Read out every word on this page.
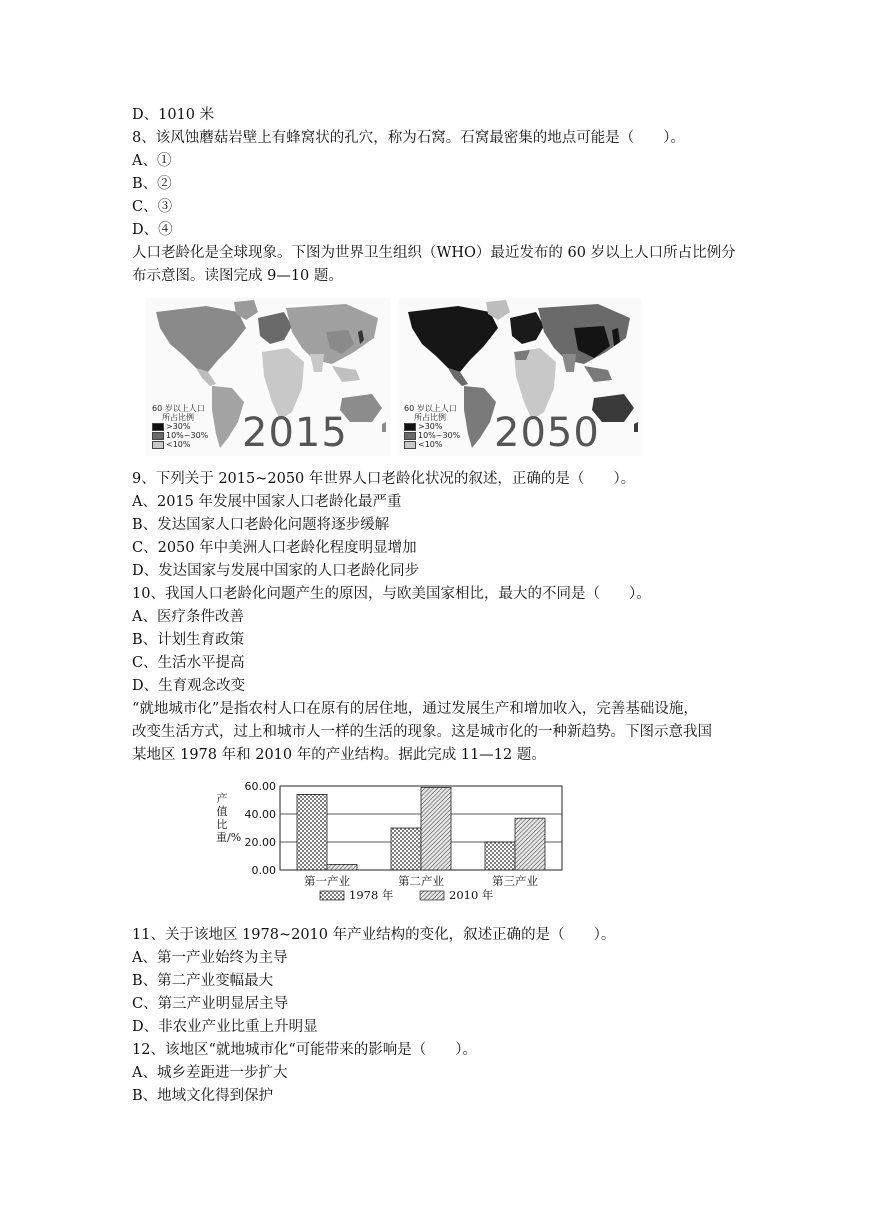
D、1010 米
8、该风蚀蘑菇岩壁上有蜂窝状的孔穴，称为石窝。石窝最密集的地点可能是（　　）。
A、①
B、②
C、③
D、④
人口老龄化是全球现象。下图为世界卫生组织（WHO）最近发布的 60 岁以上人口所占比例分
布示意图。读图完成 9—10 题。
60 岁以上人口
所占比例
>30%
10%~30%
<10% 2015
60 岁以上人口
所占比例
>30%
10%~30%
<10% 2050
9、下列关于 2015~2050 年世界人口老龄化状况的叙述，正确的是（　　）。
A、2015 年发展中国家人口老龄化最严重
B、发达国家人口老龄化问题将逐步缓解
C、2050 年中美洲人口老龄化程度明显增加
D、发达国家与发展中国家的人口老龄化同步
10、我国人口老龄化问题产生的原因，与欧美国家相比，最大的不同是（　　）。
A、医疗条件改善
B、计划生育政策
C、生活水平提高
D、生育观念改变
“就地城市化”是指农村人口在原有的居住地，通过发展生产和增加收入，完善基础设施，
改变生活方式，过上和城市人一样的生活的现象。这是城市化的一种新趋势。下图示意我国
某地区 1978 年和 2010 年的产业结构。据此完成 11—12 题。
产值比重/%
0.00
20.00
40.00
60.00
第一产业	第二产业	第三产业
1978 年	2010 年
11、关于该地区 1978~2010 年产业结构的变化，叙述正确的是（　　）。
A、第一产业始终为主导
B、第二产业变幅最大
C、第三产业明显居主导
D、非农业产业比重上升明显
12、该地区“就地城市化“可能带来的影响是（　　）。
A、城乡差距进一步扩大
B、地域文化得到保护
